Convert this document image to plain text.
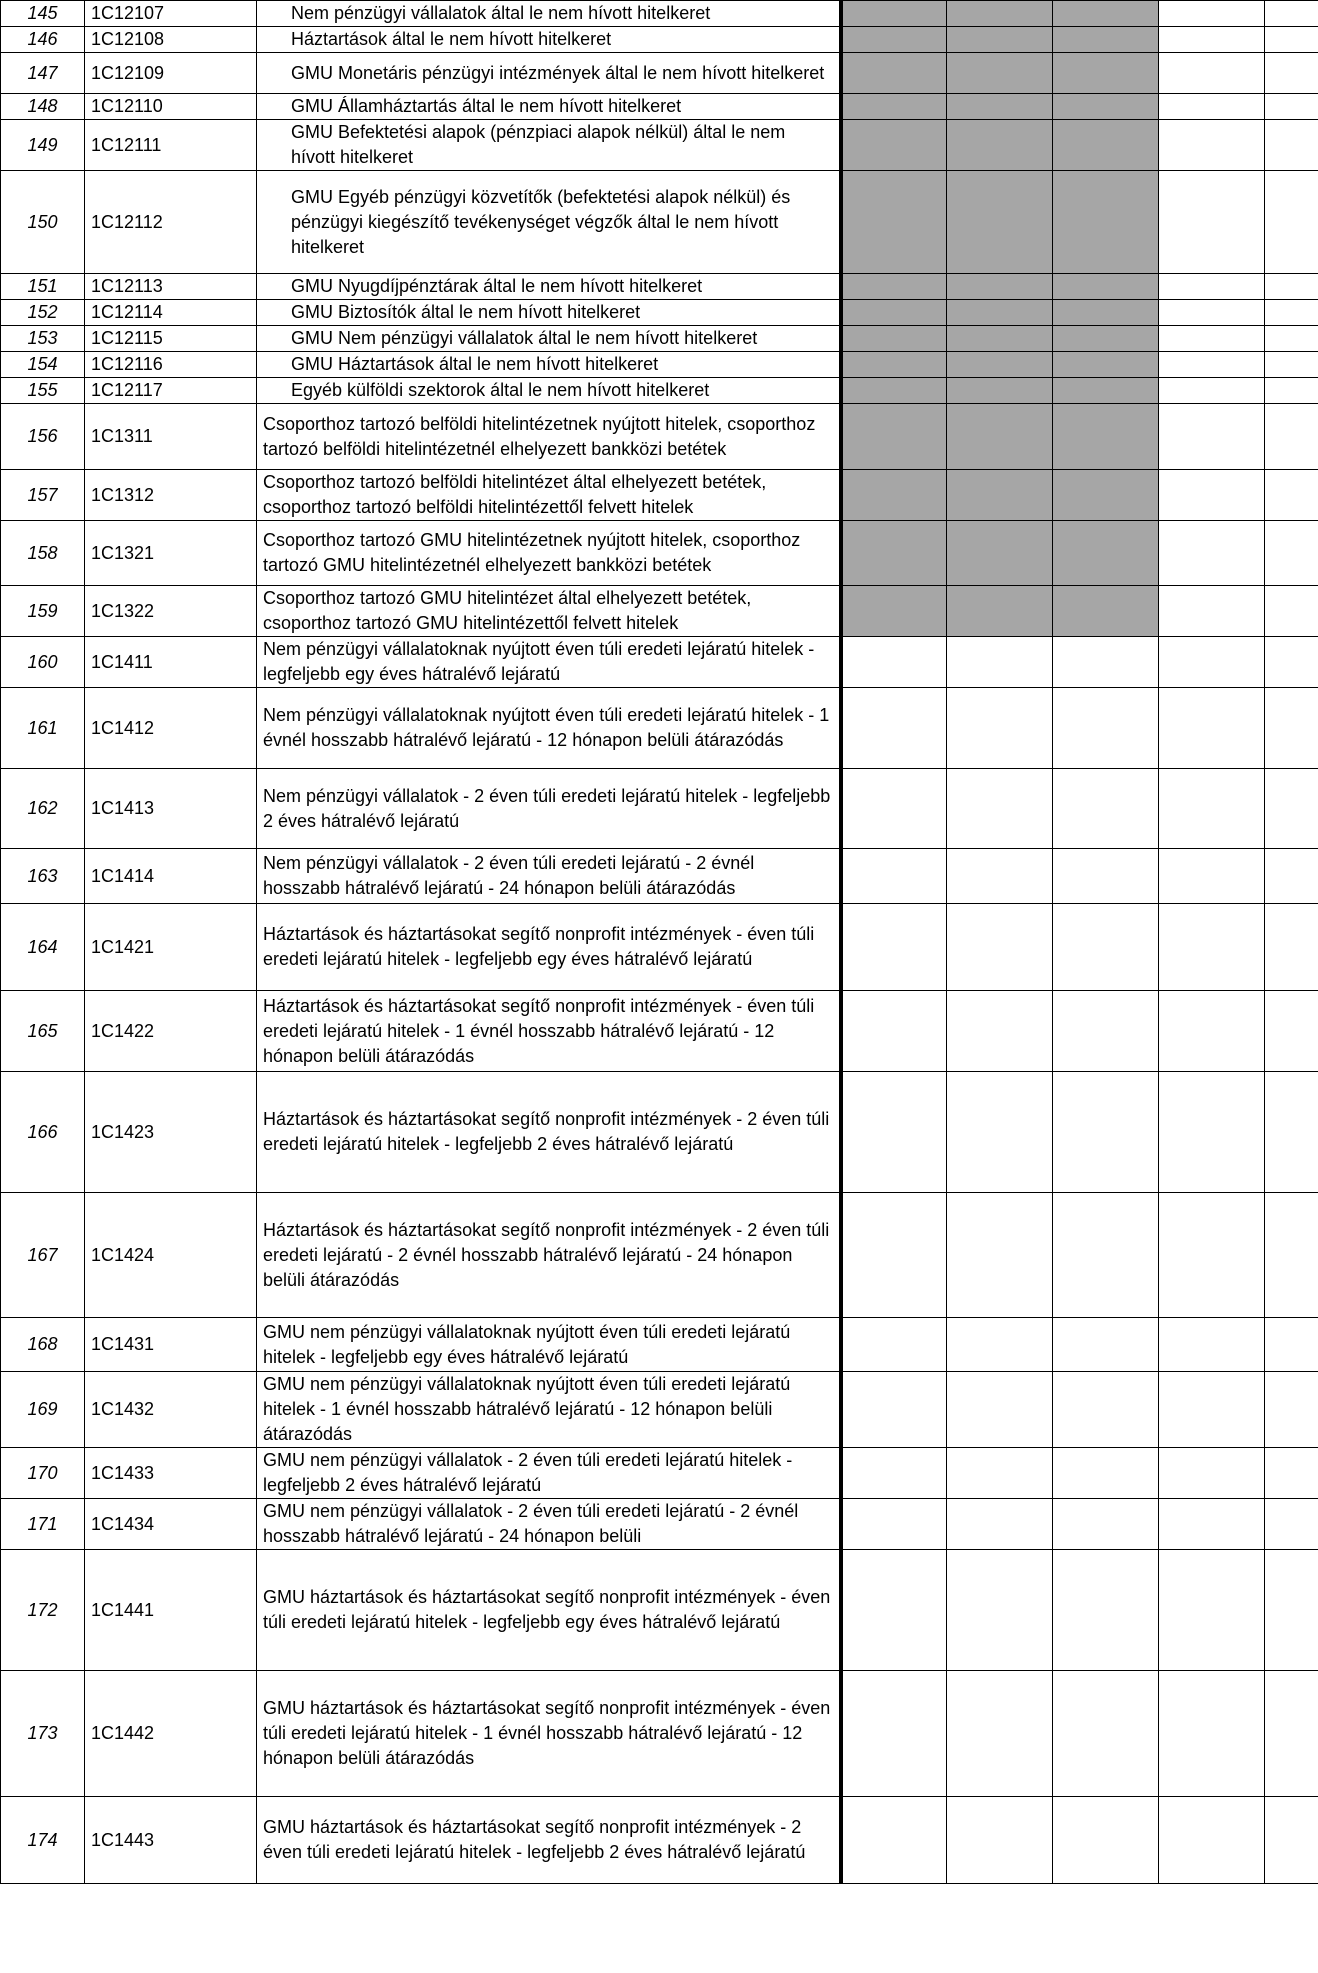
145	1C12107	Nem pénzügyi vállalatok által le nem hívott hitelkeret					
146	1C12108	Háztartások által le nem hívott hitelkeret					
147	1C12109	GMU Monetáris pénzügyi intézmények által le nem hívott hitelkeret					
148	1C12110	GMU Államháztartás által le nem hívott hitelkeret					
149	1C12111	GMU Befektetési alapok (pénzpiaci alapok nélkül) által le nem hívott hitelkeret					
150	1C12112	GMU Egyéb pénzügyi közvetítők (befektetési alapok nélkül) és pénzügyi kiegészítő tevékenységet végzők által le nem hívott hitelkeret					
151	1C12113	GMU Nyugdíjpénztárak által le nem hívott hitelkeret					
152	1C12114	GMU Biztosítók által le nem hívott hitelkeret					
153	1C12115	GMU Nem pénzügyi vállalatok által le nem hívott hitelkeret					
154	1C12116	GMU Háztartások által le nem hívott hitelkeret					
155	1C12117	Egyéb külföldi szektorok által le nem hívott hitelkeret					
156	1C1311	Csoporthoz tartozó belföldi hitelintézetnek nyújtott hitelek, csoporthoz tartozó belföldi hitelintézetnél elhelyezett bankközi betétek					
157	1C1312	Csoporthoz tartozó belföldi hitelintézet által elhelyezett betétek, csoporthoz tartozó belföldi hitelintézettől felvett hitelek					
158	1C1321	Csoporthoz tartozó GMU hitelintézetnek nyújtott hitelek, csoporthoz tartozó GMU hitelintézetnél elhelyezett bankközi betétek					
159	1C1322	Csoporthoz tartozó GMU hitelintézet által elhelyezett betétek, csoporthoz tartozó GMU hitelintézettől felvett hitelek					
160	1C1411	Nem pénzügyi vállalatoknak nyújtott éven túli eredeti lejáratú hitelek - legfeljebb egy éves hátralévő lejáratú					
161	1C1412	Nem pénzügyi vállalatoknak nyújtott éven túli eredeti lejáratú hitelek - 1 évnél hosszabb hátralévő lejáratú - 12 hónapon belüli átárazódás					
162	1C1413	Nem pénzügyi vállalatok - 2 éven túli eredeti lejáratú hitelek - legfeljebb 2 éves hátralévő lejáratú					
163	1C1414	Nem pénzügyi vállalatok - 2 éven túli eredeti lejáratú - 2 évnél hosszabb hátralévő lejáratú - 24 hónapon belüli átárazódás					
164	1C1421	Háztartások és háztartásokat segítő nonprofit intézmények - éven túli eredeti lejáratú hitelek - legfeljebb egy éves hátralévő lejáratú					
165	1C1422	Háztartások és háztartásokat segítő nonprofit intézmények - éven túli eredeti lejáratú hitelek - 1 évnél hosszabb hátralévő lejáratú - 12 hónapon belüli átárazódás					
166	1C1423	Háztartások és háztartásokat segítő nonprofit intézmények - 2 éven túli eredeti lejáratú hitelek - legfeljebb 2 éves hátralévő lejáratú					
167	1C1424	Háztartások és háztartásokat segítő nonprofit intézmények - 2 éven túli eredeti lejáratú - 2 évnél hosszabb hátralévő lejáratú - 24 hónapon belüli átárazódás					
168	1C1431	GMU nem pénzügyi vállalatoknak nyújtott éven túli eredeti lejáratú hitelek - legfeljebb egy éves hátralévő lejáratú					
169	1C1432	GMU nem pénzügyi vállalatoknak nyújtott éven túli eredeti lejáratú hitelek - 1 évnél hosszabb hátralévő lejáratú - 12 hónapon belüli átárazódás					
170	1C1433	GMU nem pénzügyi vállalatok - 2 éven túli eredeti lejáratú hitelek - legfeljebb 2 éves hátralévő lejáratú					
171	1C1434	GMU nem pénzügyi vállalatok - 2 éven túli eredeti lejáratú - 2 évnél hosszabb hátralévő lejáratú - 24 hónapon belüli					
172	1C1441	GMU háztartások és háztartásokat segítő nonprofit intézmények - éven túli eredeti lejáratú hitelek - legfeljebb egy éves hátralévő lejáratú					
173	1C1442	GMU háztartások és háztartásokat segítő nonprofit intézmények - éven túli eredeti lejáratú hitelek - 1 évnél hosszabb hátralévő lejáratú - 12 hónapon belüli átárazódás					
174	1C1443	GMU háztartások és háztartásokat segítő nonprofit intézmények - 2 éven túli eredeti lejáratú hitelek - legfeljebb 2 éves hátralévő lejáratú					
